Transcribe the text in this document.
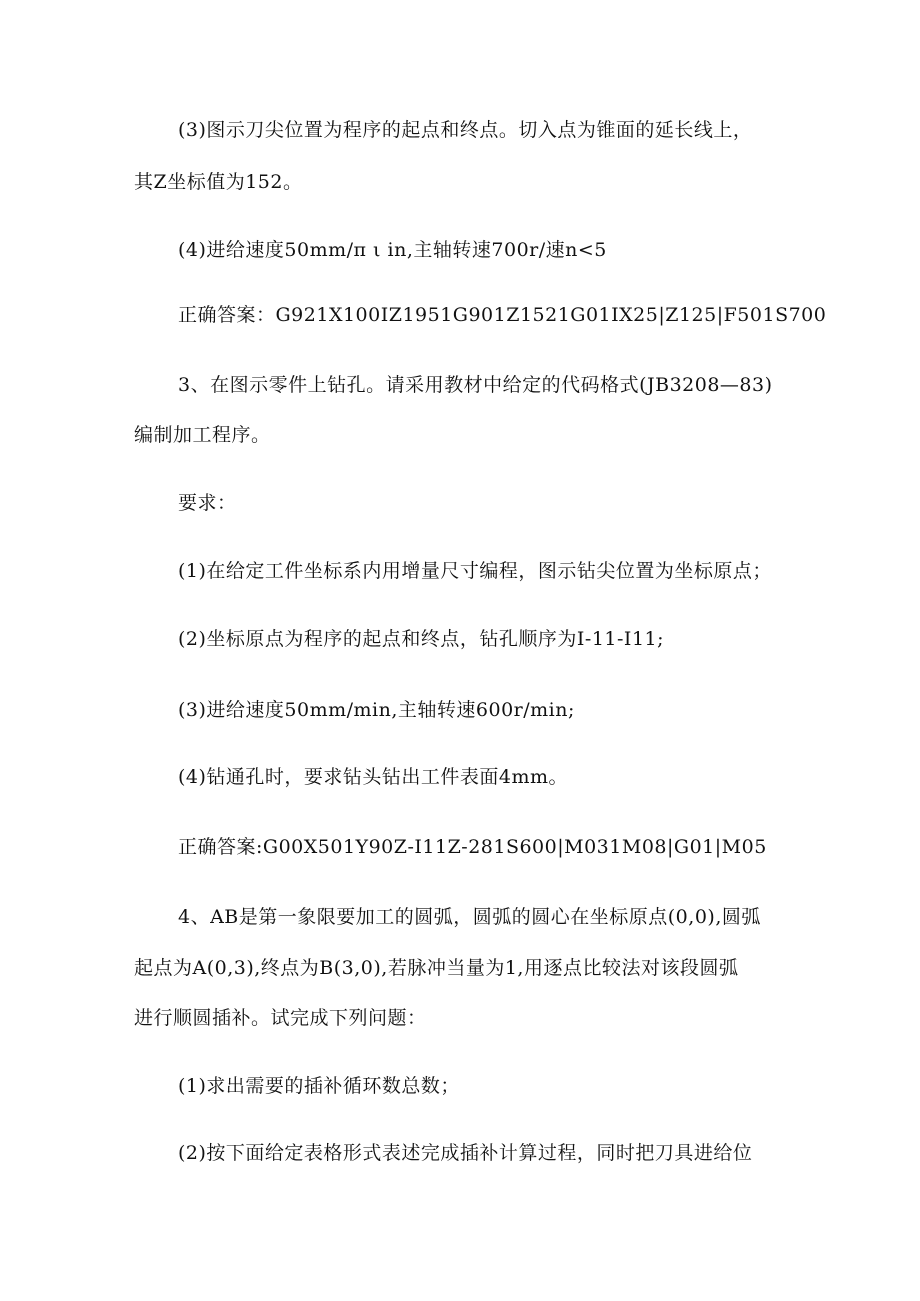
(3)图示刀尖位置为程序的起点和终点。切入点为锥面的延长线上，
其Z坐标值为152。
(4)进给速度50mm/π ι in,主轴转速700r/速n<5
正确答案：G921X100IZ1951G901Z1521G01IX25|Z125|F501S700
3、在图示零件上钻孔。请采用教材中给定的代码格式(JB3208—83)
编制加工程序。
要求：
(1)在给定工件坐标系内用增量尺寸编程，图示钻尖位置为坐标原点；
(2)坐标原点为程序的起点和终点，钻孔顺序为I-11-I11;
(3)进给速度50mm/min,主轴转速600r/min;
(4)钻通孔时，要求钻头钻出工件表面4mm。
正确答案:G00X501Y90Z-I11Z-281S600|M031M08|G01|M05
4、AB是第一象限要加工的圆弧，圆弧的圆心在坐标原点(0,0),圆弧
起点为A(0,3),终点为B(3,0),若脉冲当量为1,用逐点比较法对该段圆弧
进行顺圆插补。试完成下列问题：
(1)求出需要的插补循环数总数；
(2)按下面给定表格形式表述完成插补计算过程，同时把刀具进给位
